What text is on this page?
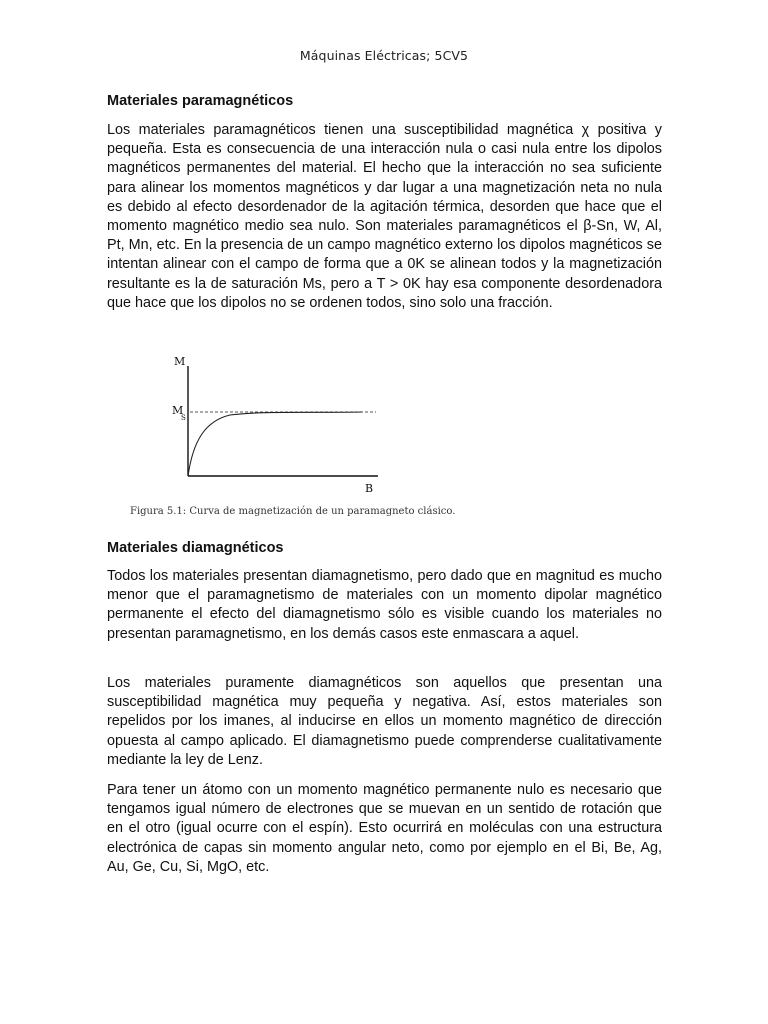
Máquinas Eléctricas; 5CV5
Materiales paramagnéticos

Los materiales paramagnéticos tienen una susceptibilidad magnética χ positiva y pequeña. Esta es consecuencia de una interacción nula o casi nula entre los dipolos magnéticos permanentes del material. El hecho que la interacción no sea suficiente para alinear los momentos magnéticos y dar lugar a una magnetización neta no nula es debido al efecto desordenador de la agitación térmica, desorden que hace que el momento magnético medio sea nulo. Son materiales paramagnéticos el β-Sn, W, Al, Pt, Mn, etc. En la presencia de un campo magnético externo los dipolos magnéticos se intentan alinear con el campo de forma que a 0K se alinean todos y la magnetización resultante es la de saturación Ms, pero a T > 0K hay esa componente desordenadora que hace que los dipolos no se ordenen todos, sino solo una fracción.

M
M
S
B
Figura 5.1: Curva de magnetización de un paramagneto clásico.
Materiales diamagnéticos

Todos los materiales presentan diamagnetismo, pero dado que en magnitud es mucho menor que el paramagnetismo de materiales con un momento dipolar magnético permanente el efecto del diamagnetismo sólo es visible cuando los materiales no presentan paramagnetismo, en los demás casos este enmascara a aquel.

Los materiales puramente diamagnéticos son aquellos que presentan una susceptibilidad magnética muy pequeña y negativa. Así, estos materiales son repelidos por los imanes, al inducirse en ellos un momento magnético de dirección opuesta al campo aplicado. El diamagnetismo puede comprenderse cualitativamente mediante la ley de Lenz.

Para tener un átomo con un momento magnético permanente nulo es necesario que tengamos igual número de electrones que se muevan en un sentido de rotación que en el otro (igual ocurre con el espín). Esto ocurrirá en moléculas con una estructura electrónica de capas sin momento angular neto, como por ejemplo en el Bi, Be, Ag, Au, Ge, Cu, Si, MgO, etc.
